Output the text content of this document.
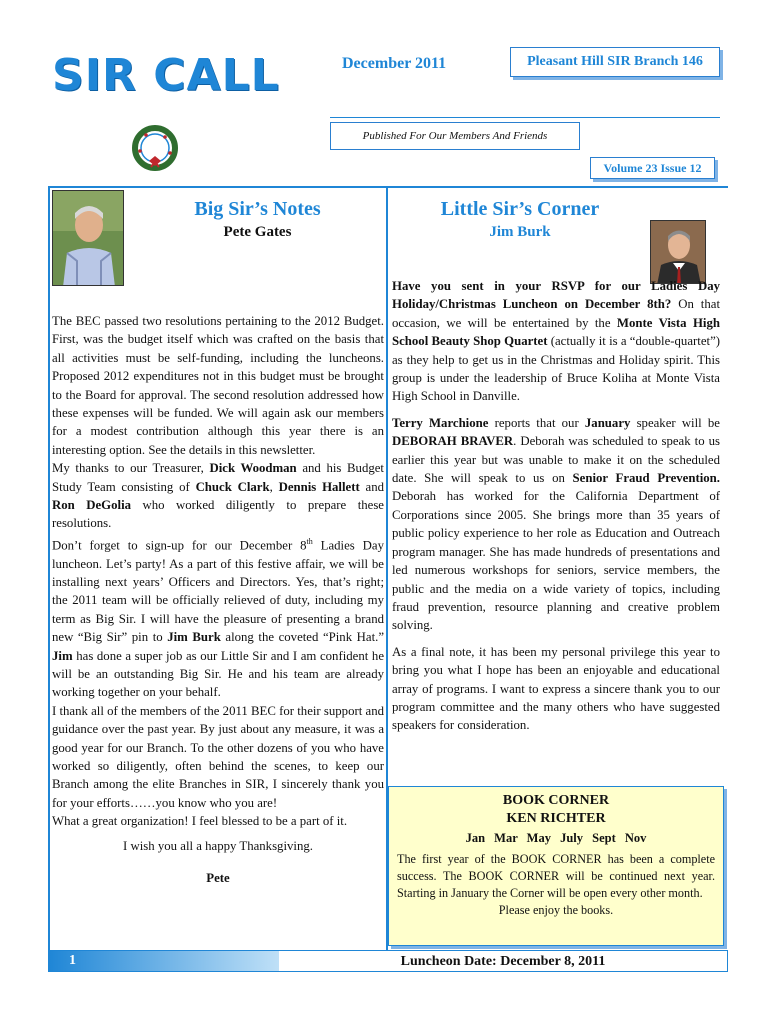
SIR CALL	December 2011	Pleasant Hill SIR Branch 146
Published For Our Members And Friends
Volume 23 Issue 12
Big Sir’s Notes
Pete Gates

The BEC passed two resolutions pertaining to the 2012 Budget. First, was the budget itself which was crafted on the basis that all activities must be self-funding, including the luncheons. Proposed 2012 expenditures not in this budget must be brought to the Board for approval. The second resolution addressed how these expenses will be funded. We will again ask our members for a modest contribution although this year there is an interesting option. See the details in this newsletter.

My thanks to our Treasurer, Dick Woodman and his Budget Study Team consisting of Chuck Clark, Dennis Hallett and Ron DeGolia who worked diligently to prepare these resolutions.

Don’t forget to sign-up for our December 8th Ladies Day luncheon. Let’s party! As a part of this festive affair, we will be installing next years’ Officers and Directors. Yes, that’s right; the 2011 team will be officially relieved of duty, including my term as Big Sir. I will have the pleasure of presenting a brand new “Big Sir” pin to Jim Burk along the coveted “Pink Hat.” Jim has done a super job as our Little Sir and I am confident he will be an outstanding Big Sir. He and his team are already working together on your behalf.

I thank all of the members of the 2011 BEC for their support and guidance over the past year. By just about any measure, it was a good year for our Branch. To the other dozens of you who have worked so diligently, often behind the scenes, to keep our Branch among the elite Branches in SIR, I sincerely thank you for your efforts……you know who you are!

What a great organization! I feel blessed to be a part of it.

I wish you all a happy Thanksgiving.

Pete

Little Sir’s Corner
Jim Burk

Have you sent in your RSVP for our Ladies Day Holiday/Christmas Luncheon on December 8th? On that occasion, we will be entertained by the Monte Vista High School Beauty Shop Quartet (actually it is a “double-quartet”) as they help to get us in the Christmas and Holiday spirit. This group is under the leadership of Bruce Koliha at Monte Vista High School in Danville.

Terry Marchione reports that our January speaker will be DEBORAH BRAVER. Deborah was scheduled to speak to us earlier this year but was unable to make it on the scheduled date. She will speak to us on Senior Fraud Prevention. Deborah has worked for the California Department of Corporations since 2005. She brings more than 35 years of public policy experience to her role as Education and Outreach program manager. She has made hundreds of presentations and led numerous workshops for seniors, service members, the public and the media on a wide variety of topics, including fraud prevention, resource planning and creative problem solving.

As a final note, it has been my personal privilege this year to bring you what I hope has been an enjoyable and educational array of programs. I want to express a sincere thank you to our program committee and the many others who have suggested speakers for consideration.

BOOK CORNER
KEN RICHTER
Jan Mar May July Sept Nov

The first year of the BOOK CORNER has been a complete success. The BOOK CORNER will be continued next year. Starting in January the Corner will be open every other month.

Please enjoy the books.

1	Luncheon Date: December 8, 2011
